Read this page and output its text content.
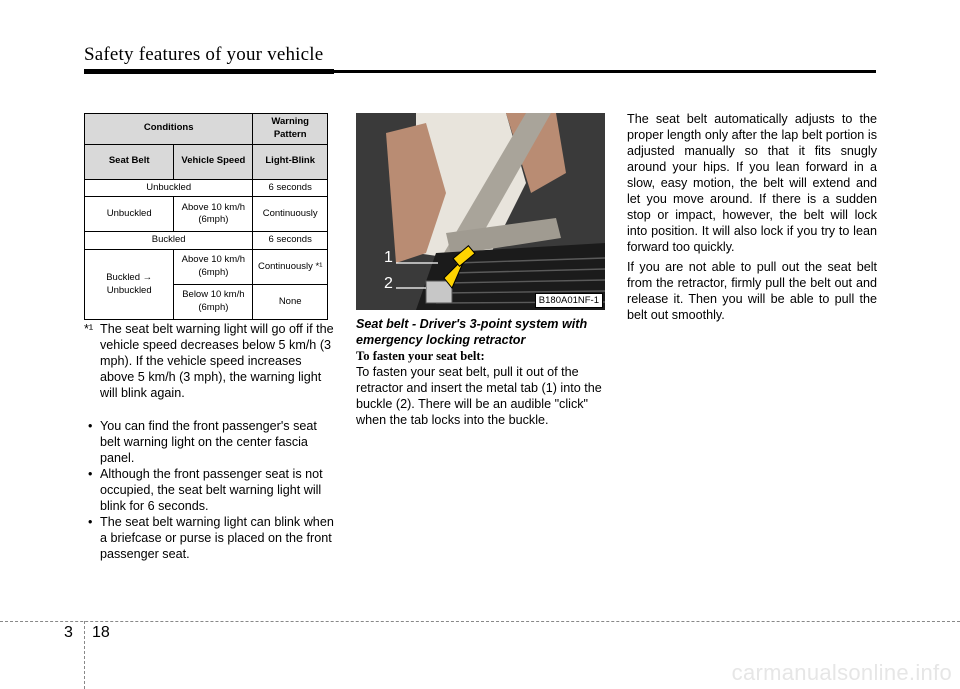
Safety features of your vehicle
Conditions		Warning Pattern
Seat Belt	Vehicle Speed	Light-Blink
Unbuckled		6 seconds
Unbuckled	Above 10 km/h (6mph)	Continuously
Buckled		6 seconds
Buckled → Unbuckled	Above 10 km/h (6mph)	Continuously *¹
	Below 10 km/h (6mph)	None
*¹ The seat belt warning light will go off if the vehicle speed decreases below 5 km/h (3 mph). If the vehicle speed increases above 5 km/h (3 mph), the warning light will blink again.
• You can find the front passenger's seat belt warning light on the center fascia panel.
• Although the front passenger seat is not occupied, the seat belt warning light will blink for 6 seconds.
• The seat belt warning light can blink when a briefcase or purse is placed on the front passenger seat.
1
2
B180A01NF-1
Seat belt - Driver's 3-point system with emergency locking retractor
To fasten your seat belt:
To fasten your seat belt, pull it out of the retractor and insert the metal tab (1) into the buckle (2). There will be an audible "click" when the tab locks into the buckle.

The seat belt automatically adjusts to the proper length only after the lap belt portion is adjusted manually so that it fits snugly around your hips. If you lean forward in a slow, easy motion, the belt will extend and let you move around. If there is a sudden stop or impact, however, the belt will lock into position. It will also lock if you try to lean forward too quickly.

If you are not able to pull out the seat belt from the retractor, firmly pull the belt out and release it. Then you will be able to pull the belt out smoothly.

3 18
carmanualsonline.info
